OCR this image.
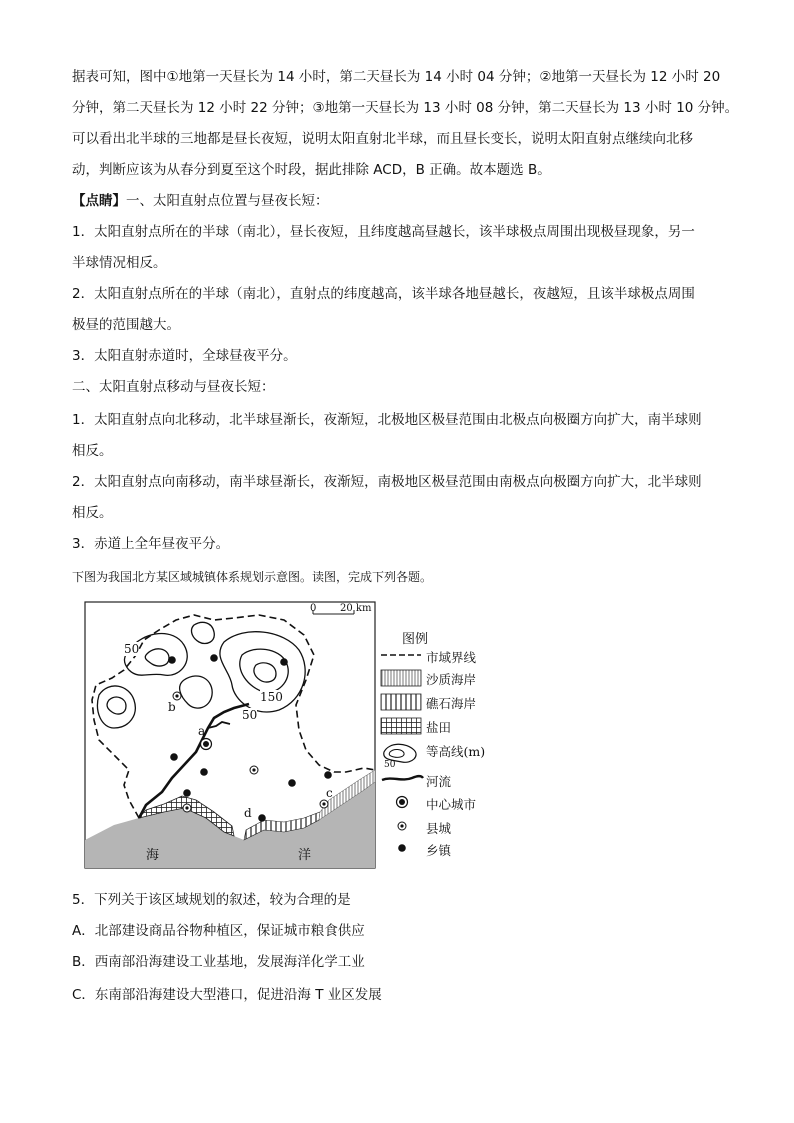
据表可知，图中①地第一天昼长为 14 小时，第二天昼长为 14 小时 04 分钟；②地第一天昼长为 12 小时 20
分钟，第二天昼长为 12 小时 22 分钟；③地第一天昼长为 13 小时 08 分钟，第二天昼长为 13 小时 10 分钟。
可以看出北半球的三地都是昼长夜短，说明太阳直射北半球，而且昼长变长，说明太阳直射点继续向北移
动，判断应该为从春分到夏至这个时段，据此排除 ACD，B 正确。故本题选 B。
【点睛】一、太阳直射点位置与昼夜长短：
1．太阳直射点所在的半球（南北），昼长夜短，且纬度越高昼越长，该半球极点周围出现极昼现象，另一
半球情况相反。
2．太阳直射点所在的半球（南北），直射点的纬度越高，该半球各地昼越长，夜越短，且该半球极点周围
极昼的范围越大。
3．太阳直射赤道时，全球昼夜平分。
二、太阳直射点移动与昼夜长短：
1．太阳直射点向北移动，北半球昼渐长，夜渐短，北极地区极昼范围由北极点向极圈方向扩大，南半球则
相反。
2．太阳直射点向南移动，南半球昼渐长，夜渐短，南极地区极昼范围由南极点向极圈方向扩大，北半球则
相反。
3．赤道上全年昼夜平分。
下图为我国北方某区域城镇体系规划示意图。读图，完成下列各题。
0 20 km
50
150
50
a
b
c
d
海	洋
图例
市域界线
沙质海岸
礁石海岸
盐田
等高线(m)
50
河流
中心城市
县城
乡镇
5．下列关于该区域规划的叙述，较为合理的是
A．北部建设商品谷物种植区，保证城市粮食供应
B．西南部沿海建设工业基地，发展海洋化学工业
C．东南部沿海建设大型港口，促进沿海 T 业区发展
